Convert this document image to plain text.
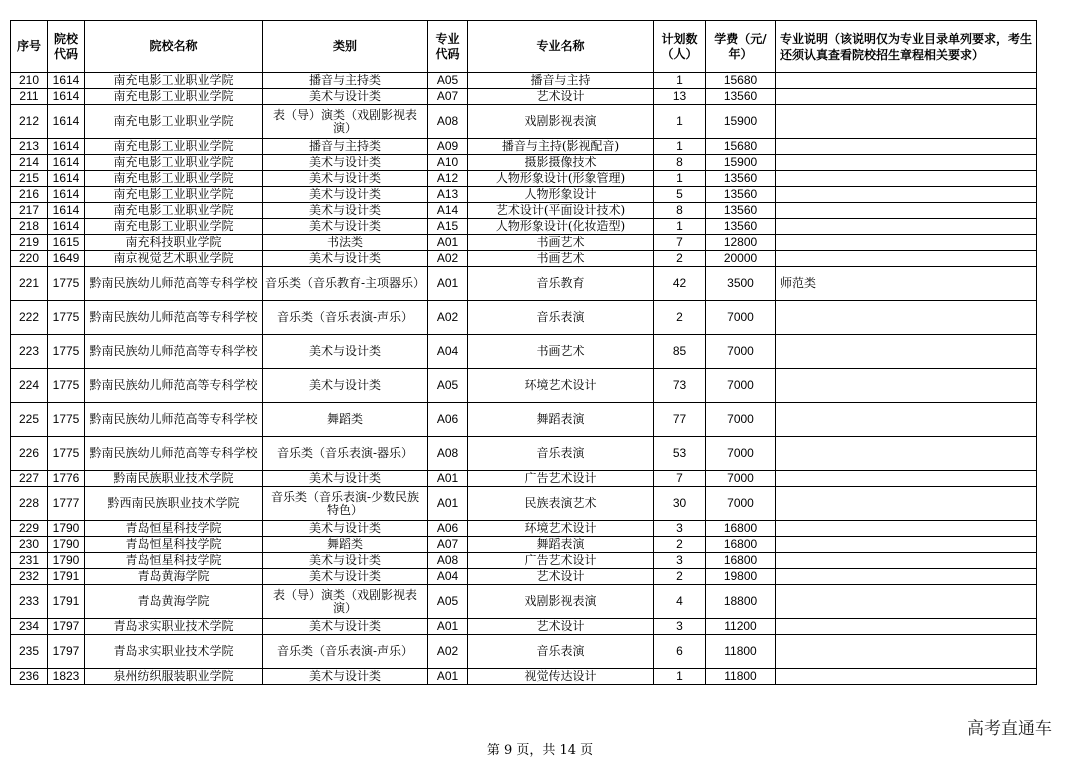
序号	院校代码	院校名称	类别	专业代码	专业名称	计划数（人）	学费（元/年）	专业说明（该说明仅为专业目录单列要求，考生还须认真查看院校招生章程相关要求）
210	1614	南充电影工业职业学院	播音与主持类	A05	播音与主持	1	15680	
211	1614	南充电影工业职业学院	美术与设计类	A07	艺术设计	13	13560	
212	1614	南充电影工业职业学院	表（导）演类（戏剧影视表演）	A08	戏剧影视表演	1	15900	
213	1614	南充电影工业职业学院	播音与主持类	A09	播音与主持(影视配音)	1	15680	
214	1614	南充电影工业职业学院	美术与设计类	A10	摄影摄像技术	8	15900	
215	1614	南充电影工业职业学院	美术与设计类	A12	人物形象设计(形象管理)	1	13560	
216	1614	南充电影工业职业学院	美术与设计类	A13	人物形象设计	5	13560	
217	1614	南充电影工业职业学院	美术与设计类	A14	艺术设计(平面设计技术)	8	13560	
218	1614	南充电影工业职业学院	美术与设计类	A15	人物形象设计(化妆造型)	1	13560	
219	1615	南充科技职业学院	书法类	A01	书画艺术	7	12800	
220	1649	南京视觉艺术职业学院	美术与设计类	A02	书画艺术	2	20000	
221	1775	黔南民族幼儿师范高等专科学校	音乐类（音乐教育-主项器乐）	A01	音乐教育	42	3500	师范类
222	1775	黔南民族幼儿师范高等专科学校	音乐类（音乐表演-声乐）	A02	音乐表演	2	7000	
223	1775	黔南民族幼儿师范高等专科学校	美术与设计类	A04	书画艺术	85	7000	
224	1775	黔南民族幼儿师范高等专科学校	美术与设计类	A05	环境艺术设计	73	7000	
225	1775	黔南民族幼儿师范高等专科学校	舞蹈类	A06	舞蹈表演	77	7000	
226	1775	黔南民族幼儿师范高等专科学校	音乐类（音乐表演-器乐）	A08	音乐表演	53	7000	
227	1776	黔南民族职业技术学院	美术与设计类	A01	广告艺术设计	7	7000	
228	1777	黔西南民族职业技术学院	音乐类（音乐表演-少数民族特色）	A01	民族表演艺术	30	7000	
229	1790	青岛恒星科技学院	美术与设计类	A06	环境艺术设计	3	16800	
230	1790	青岛恒星科技学院	舞蹈类	A07	舞蹈表演	2	16800	
231	1790	青岛恒星科技学院	美术与设计类	A08	广告艺术设计	3	16800	
232	1791	青岛黄海学院	美术与设计类	A04	艺术设计	2	19800	
233	1791	青岛黄海学院	表（导）演类（戏剧影视表演）	A05	戏剧影视表演	4	18800	
234	1797	青岛求实职业技术学院	美术与设计类	A01	艺术设计	3	11200	
235	1797	青岛求实职业技术学院	音乐类（音乐表演-声乐）	A02	音乐表演	6	11800	
236	1823	泉州纺织服装职业学院	美术与设计类	A01	视觉传达设计	1	11800	
第 9 页，共 14 页
高考直通车
